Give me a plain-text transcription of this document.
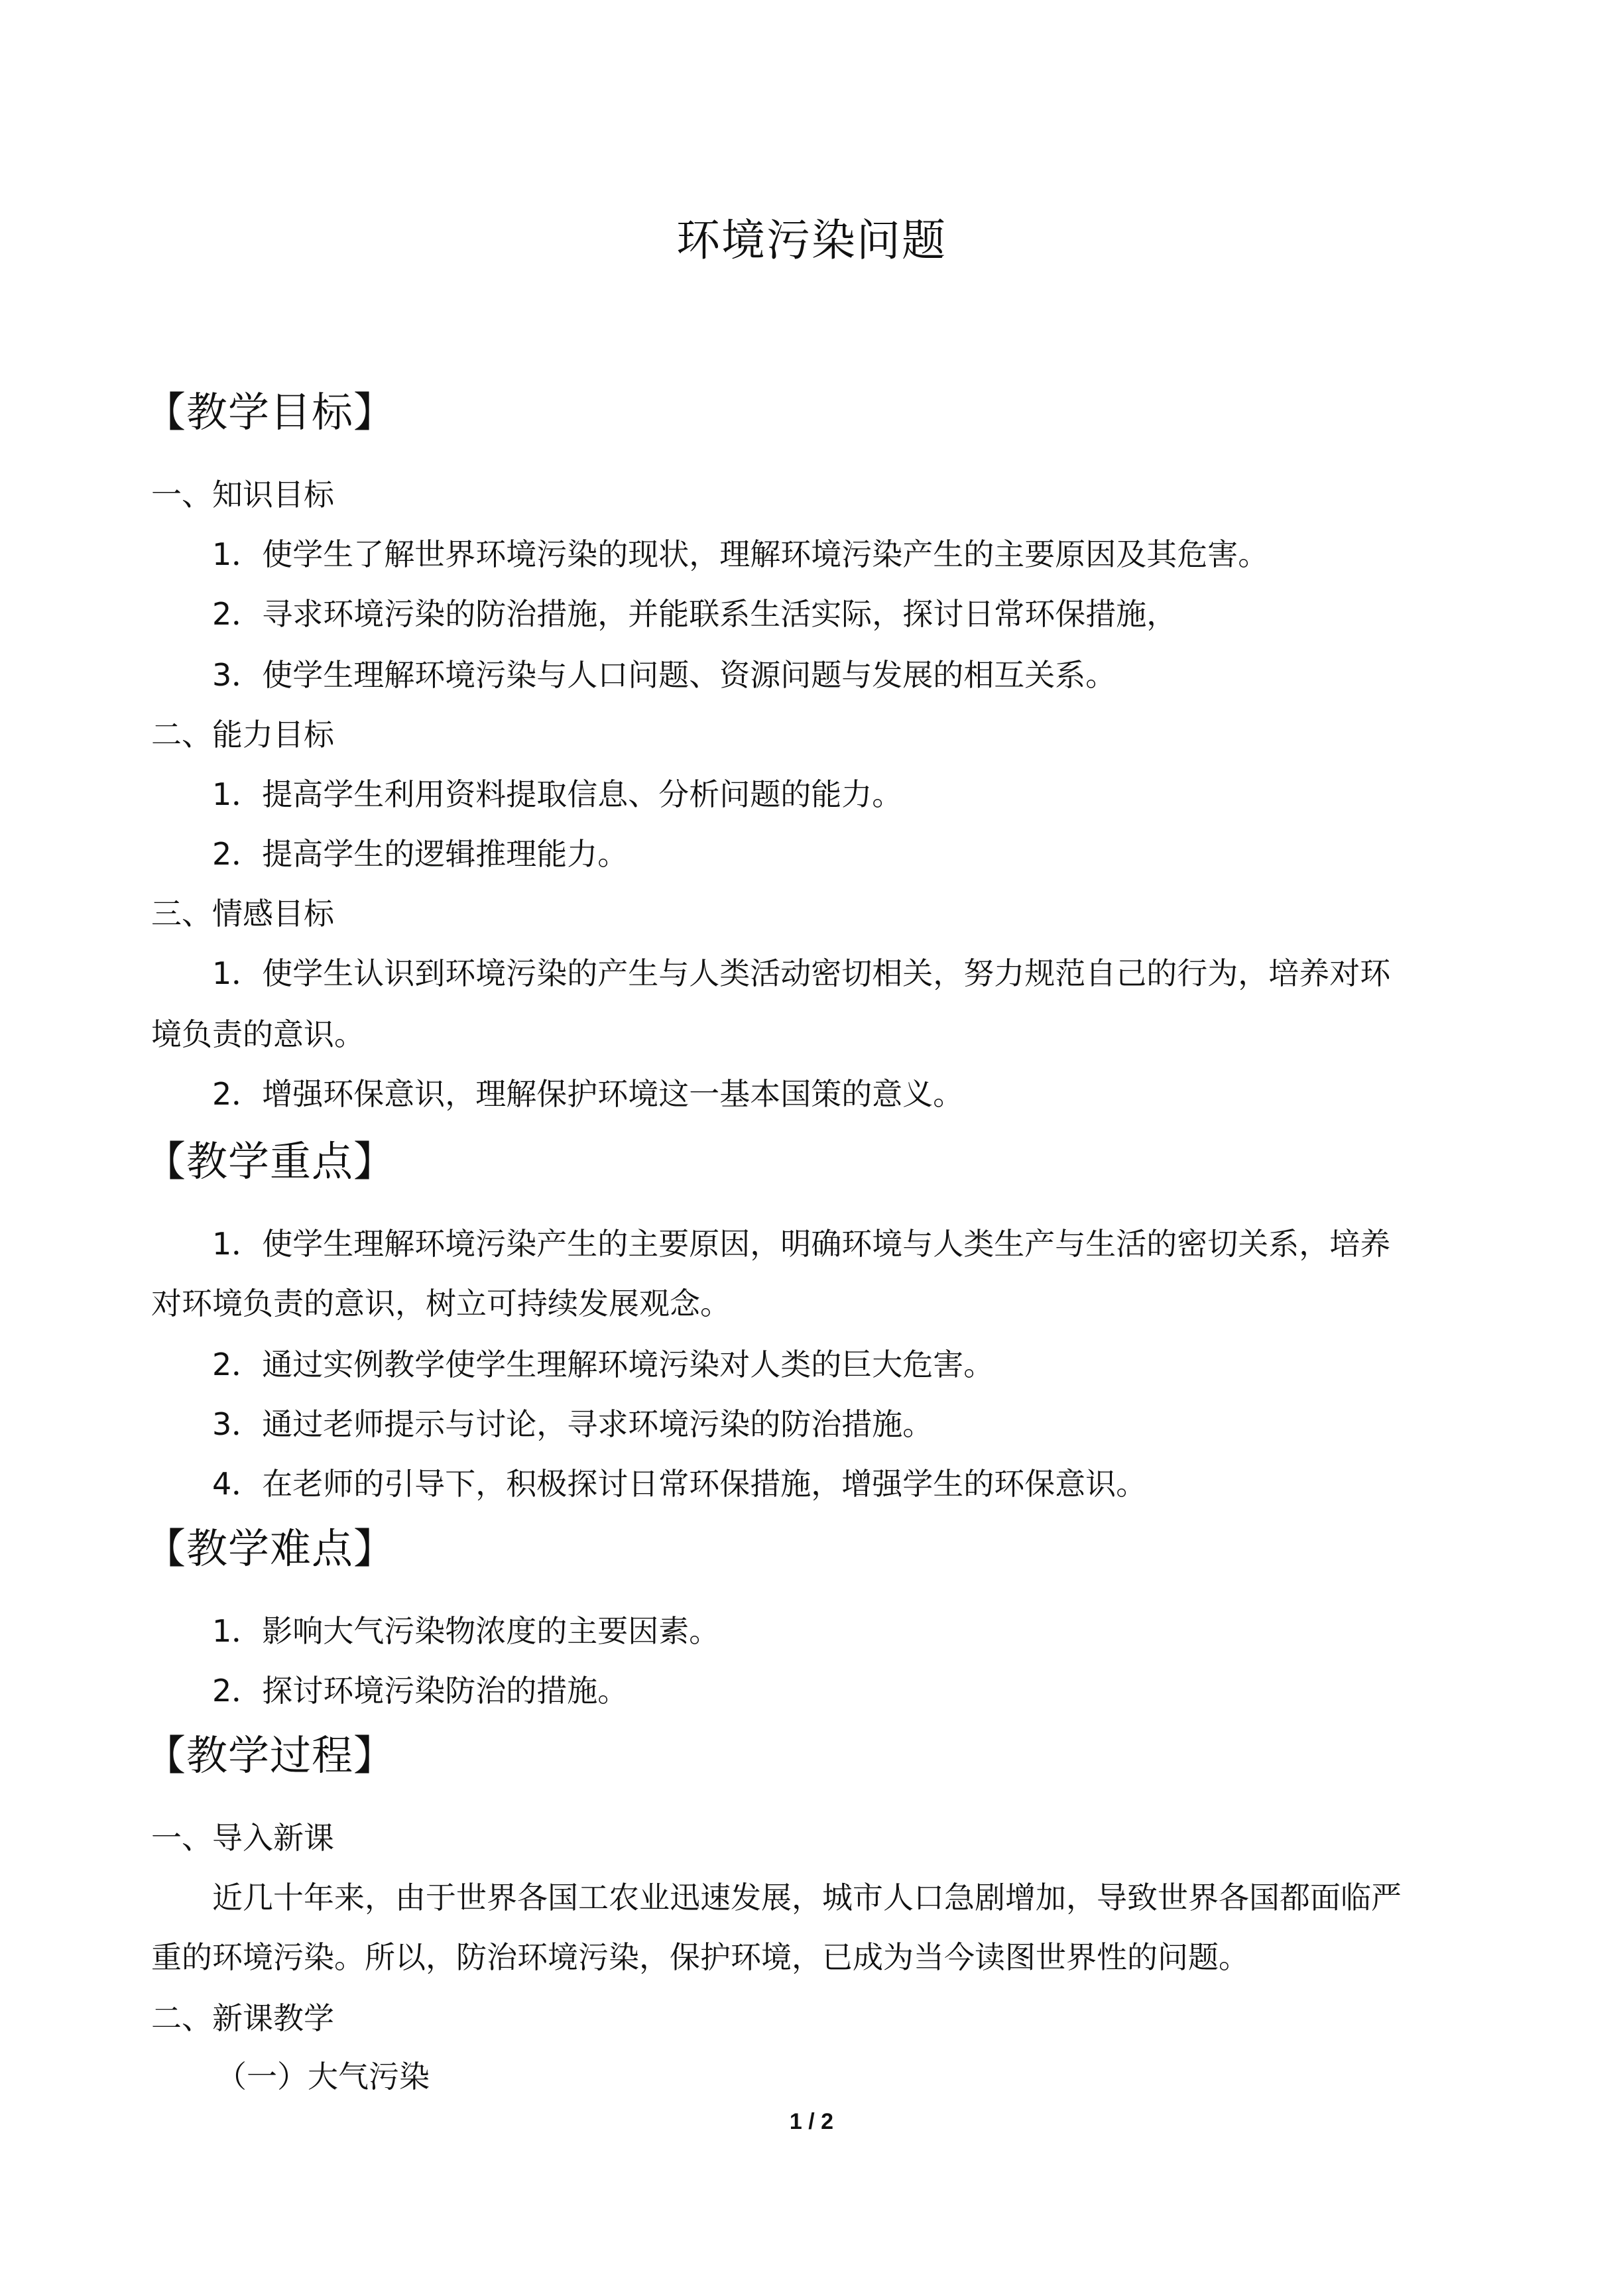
环境污染问题
【教学目标】
一、知识目标
1．使学生了解世界环境污染的现状，理解环境污染产生的主要原因及其危害。
2．寻求环境污染的防治措施，并能联系生活实际，探讨日常环保措施，
3．使学生理解环境污染与人口问题、资源问题与发展的相互关系。
二、能力目标
1．提高学生利用资料提取信息、分析问题的能力。
2．提高学生的逻辑推理能力。
三、情感目标
1．使学生认识到环境污染的产生与人类活动密切相关，努力规范自己的行为，培养对环
境负责的意识。
2．增强环保意识，理解保护环境这一基本国策的意义。
【教学重点】
1．使学生理解环境污染产生的主要原因，明确环境与人类生产与生活的密切关系，培养
对环境负责的意识，树立可持续发展观念。
2．通过实例教学使学生理解环境污染对人类的巨大危害。
3．通过老师提示与讨论，寻求环境污染的防治措施。
4．在老师的引导下，积极探讨日常环保措施，增强学生的环保意识。
【教学难点】
1．影响大气污染物浓度的主要因素。
2．探讨环境污染防治的措施。
【教学过程】
一、导入新课
近几十年来，由于世界各国工农业迅速发展，城市人口急剧增加，导致世界各国都面临严
重的环境污染。所以，防治环境污染，保护环境，已成为当今读图世界性的问题。
二、新课教学
（一）大气污染
1 / 2
